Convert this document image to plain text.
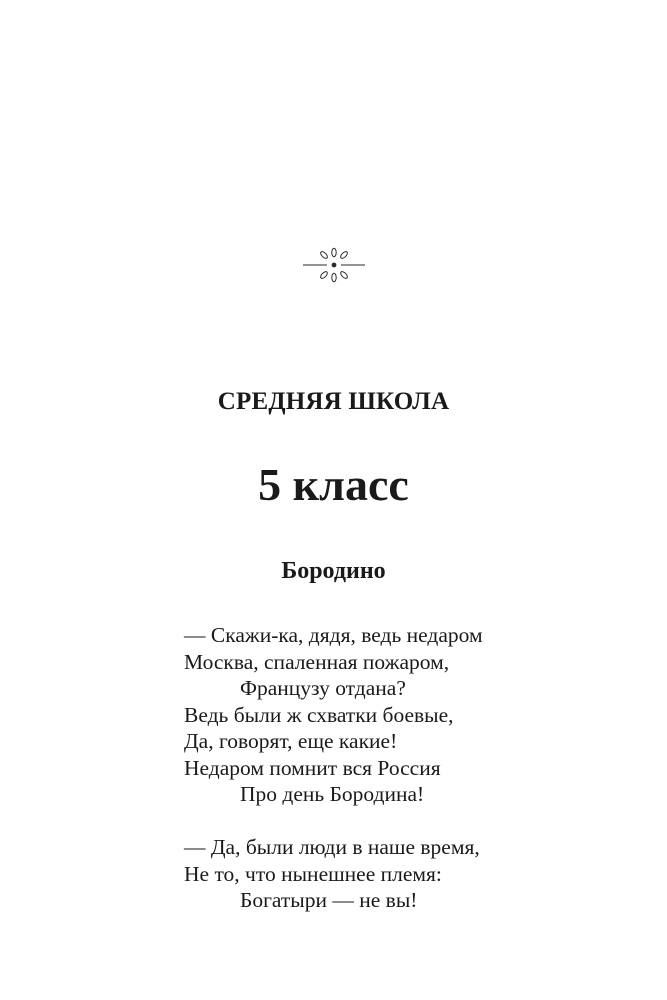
СРЕДНЯЯ ШКОЛА
5 класс
Бородино
— Скажи-ка, дядя, ведь недаром
Москва, спаленная пожаром,
Французу отдана?
Ведь были ж схватки боевые,
Да, говорят, еще какие!
Недаром помнит вся Россия
Про день Бородина!
— Да, были люди в наше время,
Не то, что нынешнее племя:
Богатыри — не вы!
